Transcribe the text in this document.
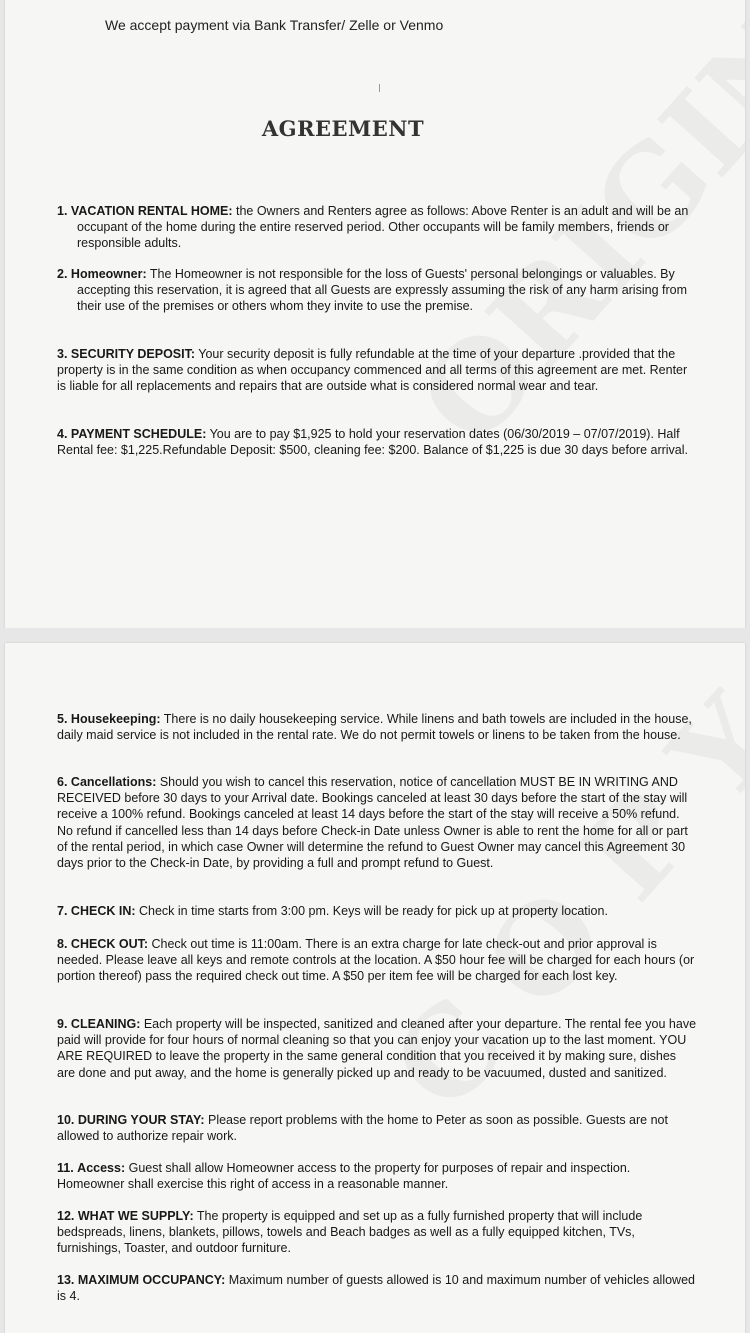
We accept payment via Bank Transfer/ Zelle or Venmo
AGREEMENT
1. VACATION RENTAL HOME: the Owners and Renters agree as follows: Above Renter is an adult and will be an occupant of the home during the entire reserved period. Other occupants will be family members, friends or responsible adults.
2. Homeowner: The Homeowner is not responsible for the loss of Guests' personal belongings or valuables. By accepting this reservation, it is agreed that all Guests are expressly assuming the risk of any harm arising from their use of the premises or others whom they invite to use the premise.
3. SECURITY DEPOSIT: Your security deposit is fully refundable at the time of your departure .provided that the property is in the same condition as when occupancy commenced and all terms of this agreement are met. Renter is liable for all replacements and repairs that are outside what is considered normal wear and tear.
4. PAYMENT SCHEDULE: You are to pay $1,925 to hold your reservation dates (06/30/2019 – 07/07/2019). Half Rental fee: $1,225.Refundable Deposit: $500, cleaning fee: $200. Balance of $1,225 is due 30 days before arrival.
5. Housekeeping: There is no daily housekeeping service. While linens and bath towels are included in the house, daily maid service is not included in the rental rate. We do not permit towels or linens to be taken from the house.
6. Cancellations: Should you wish to cancel this reservation, notice of cancellation MUST BE IN WRITING AND RECEIVED before 30 days to your Arrival date. Bookings canceled at least 30 days before the start of the stay will receive a 100% refund. Bookings canceled at least 14 days before the start of the stay will receive a 50% refund. No refund if cancelled less than 14 days before Check-in Date unless Owner is able to rent the home for all or part of the rental period, in which case Owner will determine the refund to Guest Owner may cancel this Agreement 30 days prior to the Check-in Date, by providing a full and prompt refund to Guest.
7. CHECK IN: Check in time starts from 3:00 pm. Keys will be ready for pick up at property location.
8. CHECK OUT: Check out time is 11:00am. There is an extra charge for late check-out and prior approval is needed. Please leave all keys and remote controls at the location. A $50 hour fee will be charged for each hours (or portion thereof) pass the required check out time. A $50 per item fee will be charged for each lost key.
9. CLEANING: Each property will be inspected, sanitized and cleaned after your departure. The rental fee you have paid will provide for four hours of normal cleaning so that you can enjoy your vacation up to the last moment. YOU ARE REQUIRED to leave the property in the same general condition that you received it by making sure, dishes are done and put away, and the home is generally picked up and ready to be vacuumed, dusted and sanitized.
10. DURING YOUR STAY: Please report problems with the home to Peter as soon as possible. Guests are not allowed to authorize repair work.
11. Access: Guest shall allow Homeowner access to the property for purposes of repair and inspection. Homeowner shall exercise this right of access in a reasonable manner.
12. WHAT WE SUPPLY: The property is equipped and set up as a fully furnished property that will include bedspreads, linens, blankets, pillows, towels and Beach badges as well as a fully equipped kitchen, TVs, furnishings, Toaster, and outdoor furniture.
13. MAXIMUM OCCUPANCY: Maximum number of guests allowed is 10 and maximum number of vehicles allowed is 4.
